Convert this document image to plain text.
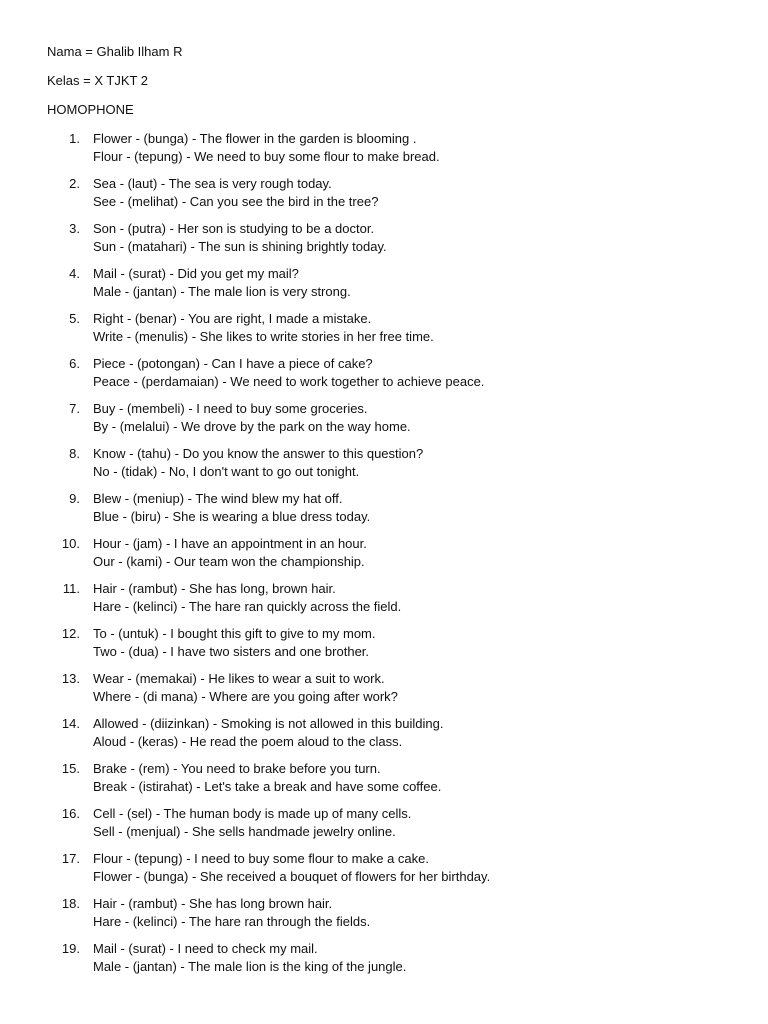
Nama = Ghalib Ilham R
Kelas = X TJKT 2
HOMOPHONE
1. Flower - (bunga) - The flower in the garden is blooming .
Flour - (tepung) - We need to buy some flour to make bread.
2. Sea - (laut) - The sea is very rough today.
See - (melihat) - Can you see the bird in the tree?
3. Son - (putra) - Her son is studying to be a doctor.
Sun - (matahari) - The sun is shining brightly today.
4. Mail - (surat) - Did you get my mail?
Male - (jantan) - The male lion is very strong.
5. Right - (benar) - You are right, I made a mistake.
Write - (menulis) - She likes to write stories in her free time.
6. Piece - (potongan) - Can I have a piece of cake?
Peace - (perdamaian) - We need to work together to achieve peace.
7. Buy - (membeli) - I need to buy some groceries.
By - (melalui) - We drove by the park on the way home.
8. Know - (tahu) - Do you know the answer to this question?
No - (tidak) - No, I don't want to go out tonight.
9. Blew - (meniup) - The wind blew my hat off.
Blue - (biru) - She is wearing a blue dress today.
10. Hour - (jam) - I have an appointment in an hour.
Our - (kami) - Our team won the championship.
11. Hair - (rambut) - She has long, brown hair.
Hare - (kelinci) - The hare ran quickly across the field.
12. To - (untuk) - I bought this gift to give to my mom.
Two - (dua) - I have two sisters and one brother.
13. Wear - (memakai) - He likes to wear a suit to work.
Where - (di mana) - Where are you going after work?
14. Allowed - (diizinkan) - Smoking is not allowed in this building.
Aloud - (keras) - He read the poem aloud to the class.
15. Brake - (rem) - You need to brake before you turn.
Break - (istirahat) - Let's take a break and have some coffee.
16. Cell - (sel) - The human body is made up of many cells.
Sell - (menjual) - She sells handmade jewelry online.
17. Flour - (tepung) - I need to buy some flour to make a cake.
Flower - (bunga) - She received a bouquet of flowers for her birthday.
18. Hair - (rambut) - She has long brown hair.
Hare - (kelinci) - The hare ran through the fields.
19. Mail - (surat) - I need to check my mail.
Male - (jantan) - The male lion is the king of the jungle.
